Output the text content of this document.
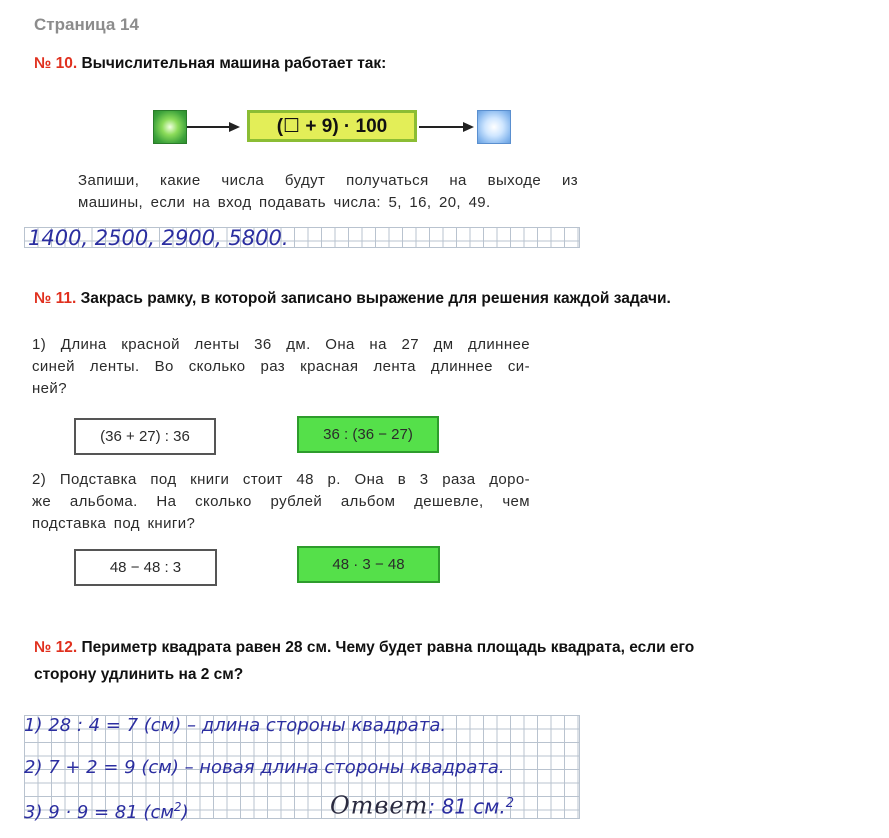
Страница 14
№ 10. Вычислительная машина работает так:
(☐ + 9) · 100
Запиши, какие числа будут получаться на выходе из
машины, если на вход подавать числа: 5, 16, 20, 49.
1400, 2500, 2900, 5800.
№ 11. Закрась рамку, в которой записано выражение для решения каждой задачи.
1) Длина красной ленты 36 дм. Она на 27 дм длиннее
синей ленты. Во сколько раз красная лента длиннее си-
ней?
(36 + 27) : 36	36 : (36 − 27)
2) Подставка под книги стоит 48 р. Она в 3 раза доро-
же альбома. На сколько рублей альбом дешевле, чем
подставка под книги?
48 − 48 : 3	48 · 3 − 48
№ 12. Периметр квадрата равен 28 см. Чему будет равна площадь квадрата, если его
сторону удлинить на 2 см?
1) 28 : 4 = 7 (см) – длина стороны квадрата.
2) 7 + 2 = 9 (см) – новая длина стороны квадрата.
3) 9 · 9 = 81 $(см^2)$	Ответ: 81 см.$^2$
